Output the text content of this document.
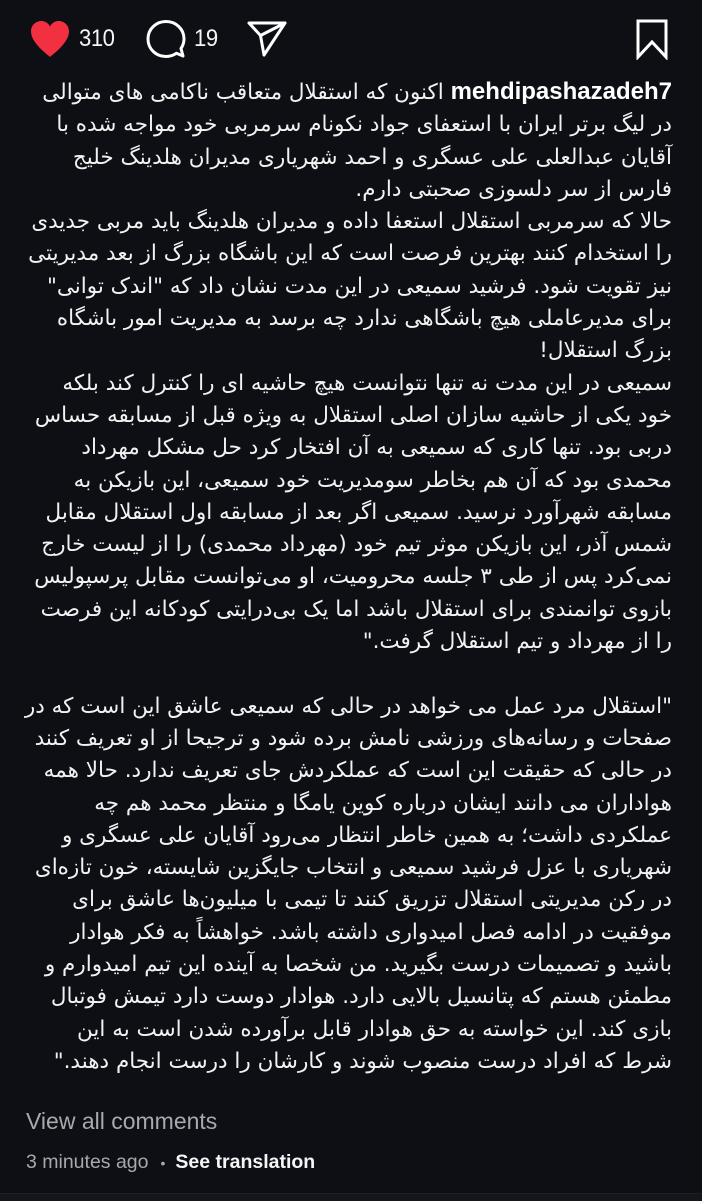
310	19

mehdipashazadeh7 اکنون که استقلال متعاقب ناکامی های متوالی در لیگ برتر ایران با استعفای جواد نکونام سرمربی خود مواجه شده با آقایان عبدالعلی علی عسگری و احمد شهریاری مدیران هلدینگ خلیج فارس از سر دلسوزی صحبتی دارم.

حالا که سرمربی استقلال استعفا داده و مدیران هلدینگ باید مربی جدیدی را استخدام کنند بهترین فرصت است که این باشگاه بزرگ از بعد مدیریتی نیز تقویت شود. فرشید سمیعی در این مدت نشان داد که "اندک توانی" برای مدیرعاملی هیچ باشگاهی ندارد چه برسد به مدیریت امور باشگاه بزرگ استقلال!

سمیعی در این مدت نه تنها نتوانست هیچ حاشیه ای را کنترل کند بلکه خود یکی از حاشیه سازان اصلی استقلال به ویژه قبل از مسابقه حساس دربی بود. تنها کاری که سمیعی به آن افتخار کرد حل مشکل مهرداد محمدی بود که آن هم بخاطر سومدیریت خود سمیعی، این بازیکن به مسابقه شهرآورد نرسید. سمیعی اگر بعد از مسابقه اول استقلال مقابل شمس آذر، این بازیکن موثر تیم خود (مهرداد محمدی) را از لیست خارج نمی‌کرد پس از طی ۳ جلسه محرومیت، او می‌توانست مقابل پرسپولیس بازوی توانمندی برای استقلال باشد اما یک بی‌درایتی کودکانه این فرصت را از مهرداد و تیم استقلال گرفت."

"استقلال مرد عمل می خواهد در حالی که سمیعی عاشق این است که در صفحات و رسانه‌های ورزشی نامش برده شود و ترجیحا از او تعریف کنند در حالی که حقیقت این است که عملکردش جای تعریف ندارد. حالا همه هواداران می دانند ایشان درباره کوین یامگا و منتظر محمد هم چه عملکردی داشت؛ به همین خاطر انتظار می‌رود آقایان علی عسگری و شهریاری با عزل فرشید سمیعی و انتخاب جایگزین شایسته، خون تازه‌ای در رکن مدیریتی استقلال تزریق کنند تا تیمی با میلیون‌ها عاشق برای موفقیت در ادامه فصل امیدواری داشته باشد. خواهشاً به فکر هوادار باشید و تصمیمات درست بگیرید. من شخصا به آینده این تیم امیدوارم و مطمئن هستم که پتانسیل بالایی دارد. هوادار دوست دارد تیمش فوتبال بازی کند. این خواسته به حق هوادار قابل برآورده شدن است به این شرط که افراد درست منصوب شوند و کارشان را درست انجام دهند."

View all comments
3 minutes ago • See translation
